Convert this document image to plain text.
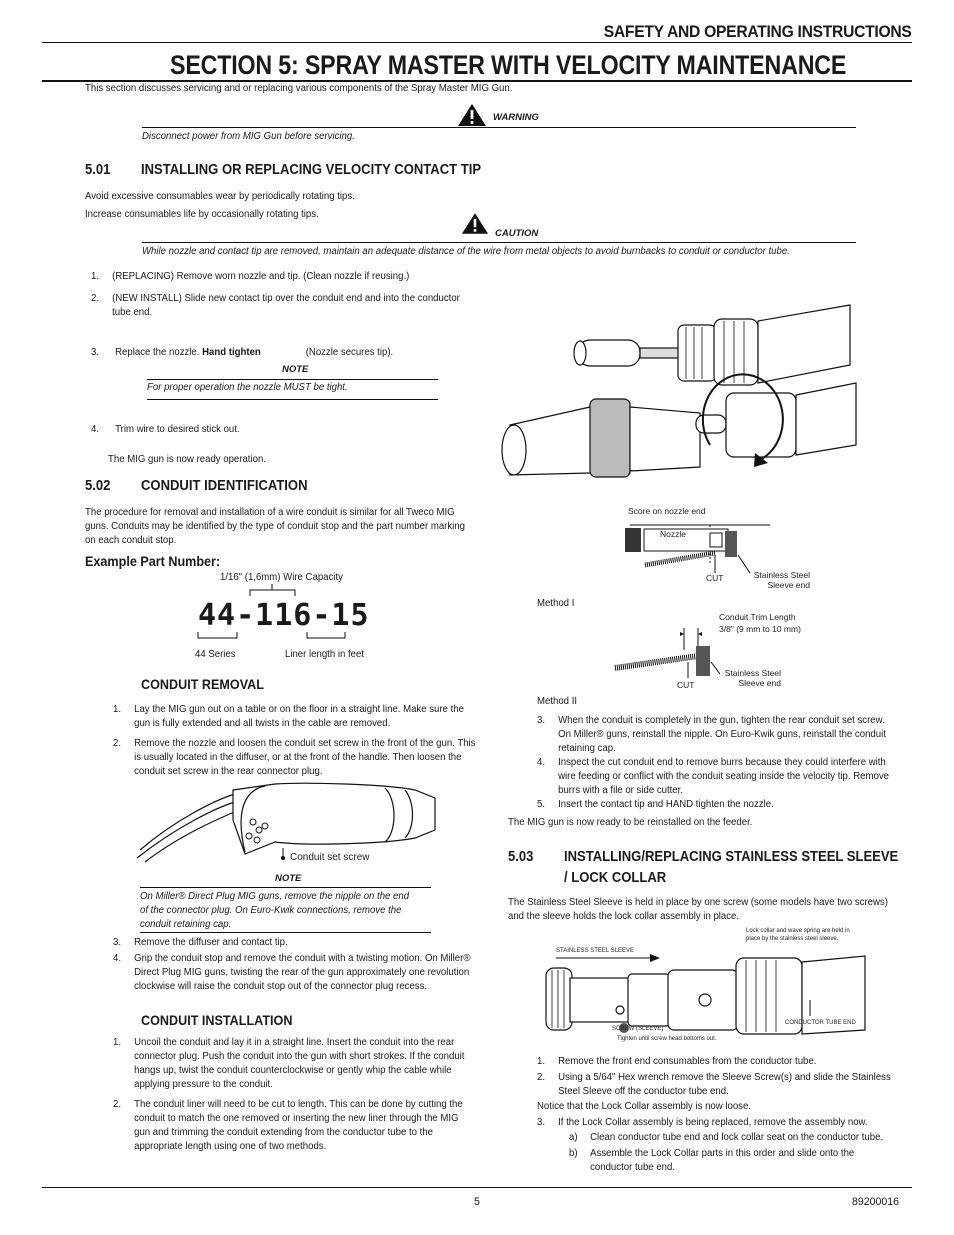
SAFETY AND OPERATING INSTRUCTIONS
SECTION 5: SPRAY MASTER WITH VELOCITY MAINTENANCE
This section discusses servicing and or replacing various components of the Spray Master MIG Gun.
WARNING
Disconnect power from MIG Gun before servicing.
5.01 INSTALLING OR REPLACING VELOCITY CONTACT TIP
Avoid excessive consumables wear by periodically rotating tips.
Increase consumables life by occasionally rotating tips.
CAUTION
While nozzle and contact tip are removed, maintain an adequate distance of the wire from metal objects to avoid burnbacks to conduit or conductor tube.
1. (REPLACING) Remove worn nozzle and tip. (Clean nozzle if reusing.)
2. (NEW INSTALL) Slide new contact tip over the conduit end and into the conductor tube end.
3. Replace the nozzle. Hand tighten	(Nozzle secures tip).
NOTE
For proper operation the nozzle MUST be tight.
4. Trim wire to desired stick out.
The MIG gun is now ready operation.
5.02 CONDUIT IDENTIFICATION
The procedure for removal and installation of a wire conduit is similar for all Tweco MIG guns. Conduits may be identified by the type of conduit stop and the part number marking on each conduit stop.
Example Part Number:
1/16" (1,6mm) Wire Capacity
44-116-15
44 Series	Liner length in feet
CONDUIT REMOVAL
1. Lay the MIG gun out on a table or on the floor in a straight line. Make sure the gun is fully extended and all twists in the cable are removed.
2. Remove the nozzle and loosen the conduit set screw in the front of the gun. This is usually located in the diffuser, or at the front of the handle. Then loosen the conduit set screw in the rear connector plug.
Conduit set screw
NOTE
On Miller® Direct Plug MIG guns, remove the nipple on the end of the connector plug. On Euro-Kwik connections, remove the conduit retaining cap.
3. Remove the diffuser and contact tip.
4. Grip the conduit stop and remove the conduit with a twisting motion. On Miller® Direct Plug MIG guns, twisting the rear of the gun approximately one revolution clockwise will raise the conduit stop out of the connector plug recess.
CONDUIT INSTALLATION
1. Uncoil the conduit and lay it in a straight line. Insert the conduit into the rear connector plug. Push the conduit into the gun with short strokes. If the conduit hangs up, twist the conduit counterclockwise or gently whip the cable while applying pressure to the conduit.
2. The conduit liner will need to be cut to length. This can be done by cutting the conduit to match the one removed or inserting the new liner through the MIG gun and trimming the conduit extending from the conductor tube to the appropriate length using one of two methods.
Score on nozzle end
Nozzle
CUT	Stainless Steel Sleeve end
Method I
Conduit Trim Length
3/8" (9 mm to 10 mm)
CUT
Stainless Steel Sleeve end
Method II
3. When the conduit is completely in the gun, tighten the rear conduit set screw. On Miller® guns, reinstall the nipple. On Euro-Kwik guns, reinstall the conduit retaining cap.
4. Inspect the cut conduit end to remove burrs because they could interfere with wire feeding or conflict with the conduit seating inside the velocity tip. Remove burrs with a file or side cutter.
5. Insert the contact tip and HAND tighten the nozzle.
The MIG gun is now ready to be reinstalled on the feeder.
5.03 INSTALLING/REPLACING STAINLESS STEEL SLEEVE
/ LOCK COLLAR
The Stainless Steel Sleeve is held in place by one screw (some models have two screws) and the sleeve holds the lock collar assembly in place.
Lock collar and wave spring are held in place by the stainless steel sleeve.
STAINLESS STEEL SLEEVE
SCREW (SLEEVE)
Tighten until screw head bottoms out.
CONDUCTOR TUBE END
1. Remove the front end consumables from the conductor tube.
2. Using a 5/64" Hex wrench remove the Sleeve Screw(s) and slide the Stainless Steel Sleeve off the conductor tube end.
Notice that the Lock Collar assembly is now loose.
3. If the Lock Collar assembly is being replaced, remove the assembly now.
a) Clean conductor tube end and lock collar seat on the conductor tube.
b) Assemble the Lock Collar parts in this order and slide onto the conductor tube end.
5	89200016
